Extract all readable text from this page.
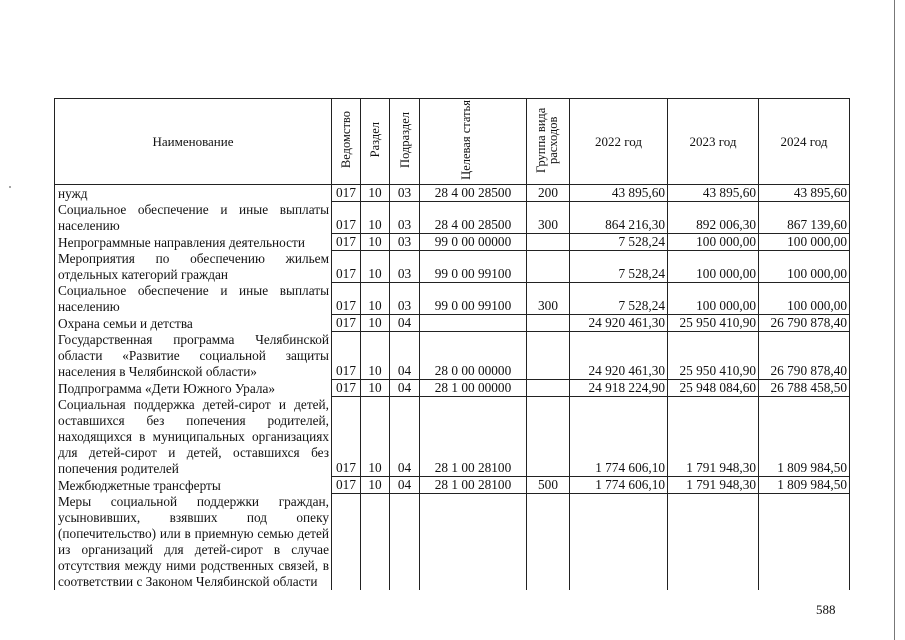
Наименование	Ведомство	Раздел	Подраздел	Целевая статья	Группа вида расходов	2022 год	2023 год	2024 год
нужд	017	10	03	28 4 00 28500	200	43 895,60	43 895,60	43 895,60
Социальное обеспечение и иные выплаты населению	017	10	03	28 4 00 28500	300	864 216,30	892 006,30	867 139,60
Непрограммные направления деятельности	017	10	03	99 0 00 00000		7 528,24	100 000,00	100 000,00
Мероприятия по обеспечению жильем отдельных категорий граждан	017	10	03	99 0 00 99100		7 528,24	100 000,00	100 000,00
Социальное обеспечение и иные выплаты населению	017	10	03	99 0 00 99100	300	7 528,24	100 000,00	100 000,00
Охрана семьи и детства	017	10	04			24 920 461,30	25 950 410,90	26 790 878,40
Государственная программа Челябинской области «Развитие социальной защиты населения в Челябинской области»	017	10	04	28 0 00 00000		24 920 461,30	25 950 410,90	26 790 878,40
Подпрограмма «Дети Южного Урала»	017	10	04	28 1 00 00000		24 918 224,90	25 948 084,60	26 788 458,50
Социальная поддержка детей-сирот и детей, оставшихся без попечения родителей, находящихся в муниципальных организациях для детей-сирот и детей, оставшихся без попечения родителей	017	10	04	28 1 00 28100		1 774 606,10	1 791 948,30	1 809 984,50
Межбюджетные трансферты	017	10	04	28 1 00 28100	500	1 774 606,10	1 791 948,30	1 809 984,50
Меры социальной поддержки граждан, усыновивших, взявших под опеку (попечительство) или в приемную семью детей из организаций для детей-сирот в случае отсутствия между ними родственных связей, в соответствии с Законом Челябинской области								
588
